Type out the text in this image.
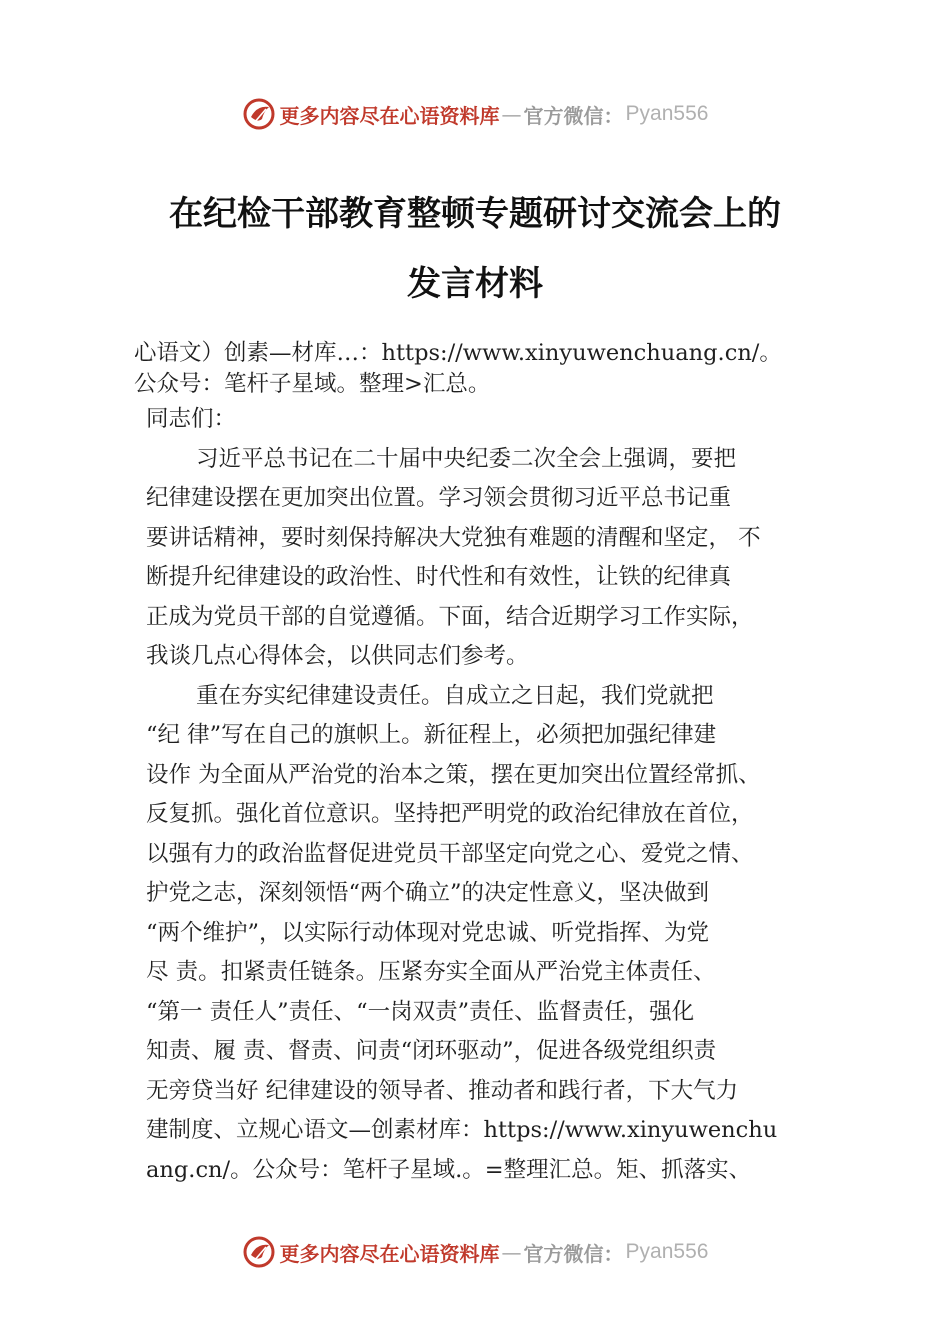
更多内容尽在心语资料库 — 官方微信： Pyan556
在纪检干部教育整顿专题研讨交流会上的
发言材料
心语文）创素—材库…：https://www.xinyuwenchuang.cn/。
公众号：笔杆子星域。整理>汇总。
同志们：
习近平总书记在二十届中央纪委二次全会上强调，要把
纪律建设摆在更加突出位置。学习领会贯彻习近平总书记重
要讲话精神，要时刻保持解决大党独有难题的清醒和坚定， 不
断提升纪律建设的政治性、时代性和有效性，让铁的纪律真
正成为党员干部的自觉遵循。下面，结合近期学习工作实际，
我谈几点心得体会，以供同志们参考。
重在夯实纪律建设责任。自成立之日起，我们党就把
“纪 律”写在自己的旗帜上。新征程上，必须把加强纪律建
设作 为全面从严治党的治本之策，摆在更加突出位置经常抓、
反复抓。强化首位意识。坚持把严明党的政治纪律放在首位，
以强有力的政治监督促进党员干部坚定向党之心、爱党之情、
护党之志，深刻领悟“两个确立”的决定性意义，坚决做到
“两个维护”，以实际行动体现对党忠诚、听党指挥、为党
尽 责。扣紧责任链条。压紧夯实全面从严治党主体责任、
“第一 责任人”责任、“一岗双责”责任、监督责任，强化
知责、履 责、督责、问责“闭环驱动”，促进各级党组织责
无旁贷当好 纪律建设的领导者、推动者和践行者，下大气力
建制度、立规心语文—创素材库：https://www.xinyuwenchu
ang.cn/。公众号：笔杆子星域.。=整理汇总。矩、抓落实、
更多内容尽在心语资料库 — 官方微信： Pyan556
